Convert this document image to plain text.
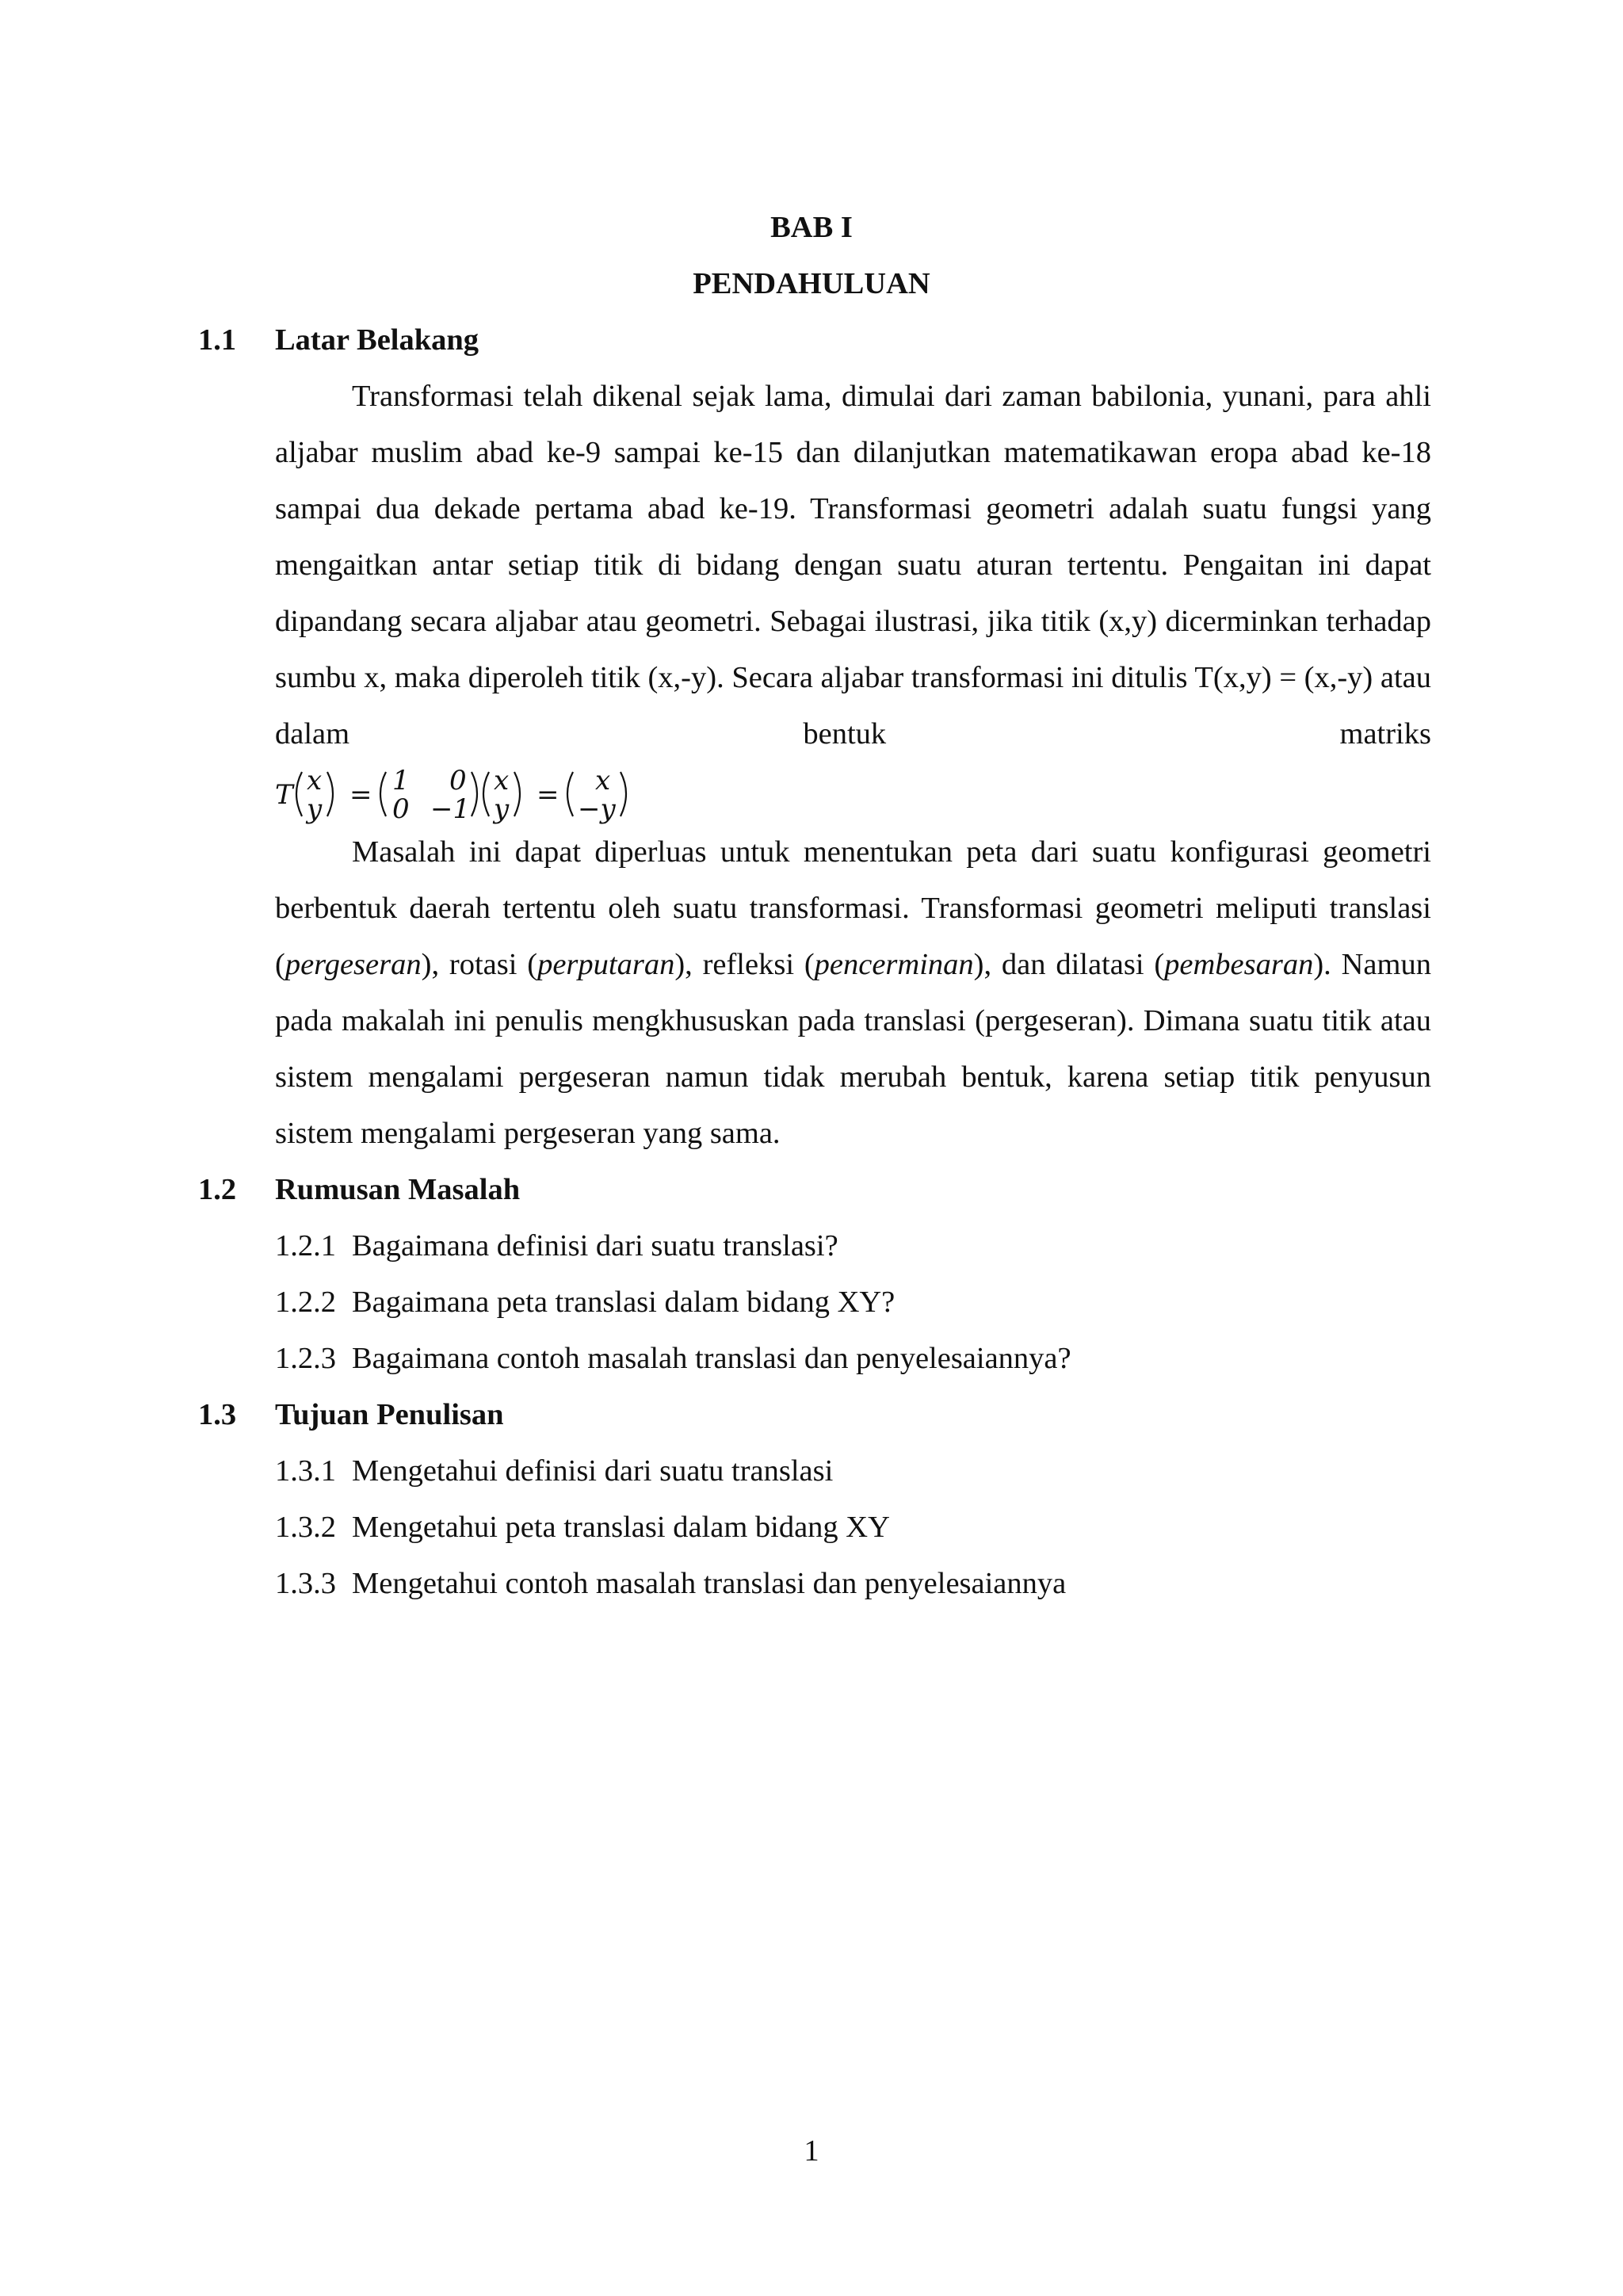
BAB I
PENDAHULUAN
1.1 Latar Belakang

Transformasi telah dikenal sejak lama, dimulai dari zaman babilonia, yunani, para ahli aljabar muslim abad ke-9 sampai ke-15 dan dilanjutkan matematikawan eropa abad ke-18 sampai dua dekade pertama abad ke-19. Transformasi geometri adalah suatu fungsi yang mengaitkan antar setiap titik di bidang dengan suatu aturan tertentu. Pengaitan ini dapat dipandang secara aljabar atau geometri. Sebagai ilustrasi, jika titik (x,y) dicerminkan terhadap sumbu x, maka diperoleh titik (x,-y). Secara aljabar transformasi ini ditulis T(x,y) = (x,-y) atau dalam bentuk matriks

T x
y = 1 0
0 −1
x
y = x
−y

Masalah ini dapat diperluas untuk menentukan peta dari suatu konfigurasi geometri berbentuk daerah tertentu oleh suatu transformasi. Transformasi geometri meliputi translasi (pergeseran), rotasi (perputaran), refleksi (pencerminan), dan dilatasi (pembesaran). Namun pada makalah ini penulis mengkhususkan pada translasi (pergeseran). Dimana suatu titik atau sistem mengalami pergeseran namun tidak merubah bentuk, karena setiap titik penyusun sistem mengalami pergeseran yang sama.

1.2 Rumusan Masalah
1.2.1 Bagaimana definisi dari suatu translasi?
1.2.2 Bagaimana peta translasi dalam bidang XY?
1.2.3 Bagaimana contoh masalah translasi dan penyelesaiannya?
1.3 Tujuan Penulisan
1.3.1 Mengetahui definisi dari suatu translasi
1.3.2 Mengetahui peta translasi dalam bidang XY
1.3.3 Mengetahui contoh masalah translasi dan penyelesaiannya
1
